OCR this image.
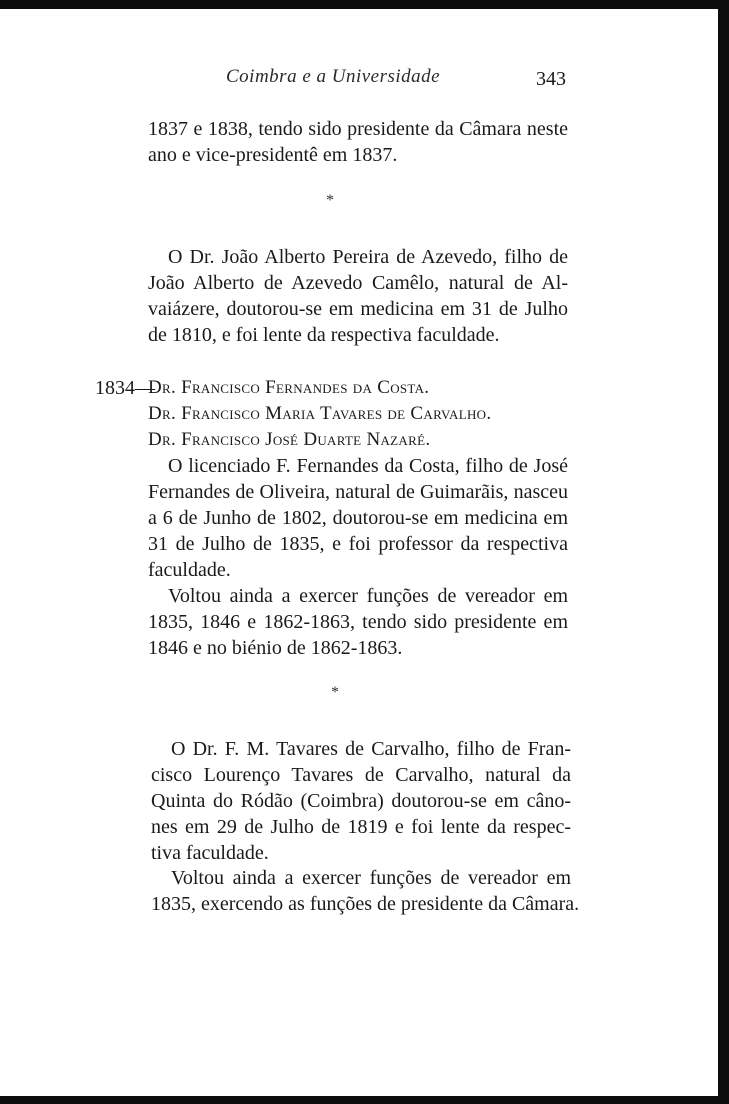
Coimbra e a Universidade	343
1837 e 1838, tendo sido presidente da Câmara neste
ano e vice-presidentê em 1837.
*
O Dr. João Alberto Pereira de Azevedo, filho de
João Alberto de Azevedo Camêlo, natural de Al-
vaiázere, doutorou-se em medicina em 31 de Julho
de 1810, e foi lente da respectiva faculdade.
1834—
Dr. Francisco Fernandes da Costa.
Dr. Francisco Maria Tavares de Carvalho.
Dr. Francisco José Duarte Nazaré.
O licenciado F. Fernandes da Costa, filho de José
Fernandes de Oliveira, natural de Guimarãis, nasceu
a 6 de Junho de 1802, doutorou-se em medicina em
31 de Julho de 1835, e foi professor da respectiva
faculdade.
Voltou ainda a exercer funções de vereador em
1835, 1846 e 1862-1863, tendo sido presidente em
1846 e no biénio de 1862-1863.
*
O Dr. F. M. Tavares de Carvalho, filho de Fran-
cisco Lourenço Tavares de Carvalho, natural da
Quinta do Ródão (Coimbra) doutorou-se em câno-
nes em 29 de Julho de 1819 e foi lente da respec-
tiva faculdade.
Voltou ainda a exercer funções de vereador em
1835, exercendo as funções de presidente da Câmara.
